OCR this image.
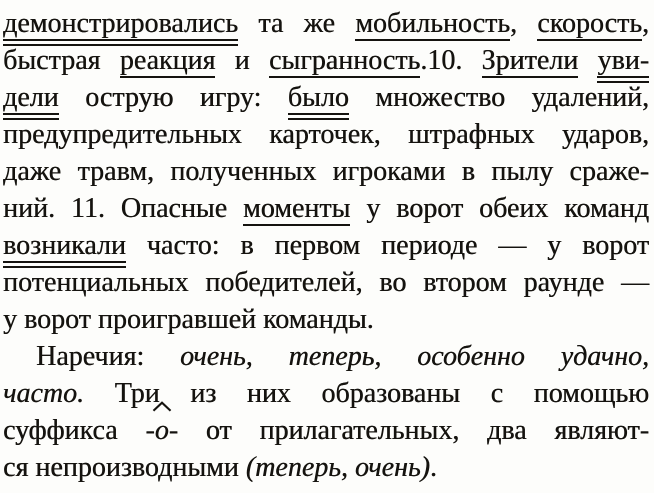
демонстрировались та же мобильность, скорость,
быстрая реакция и сыгранность.10. Зрители уви-
дели острую игру: было множество удалений,
предупредительных карточек, штрафных ударов,
даже травм, полученных игроками в пылу сраже-
ний. 11. Опасные моменты у ворот обеих команд
возникали часто: в первом периоде — у ворот
потенциальных победителей, во втором раунде —
у ворот проигравшей команды.
Наречия: очень, теперь, особенно удачно,
часто. Три из них образованы с помощью
суффикса -
о- от прилагательных, два являют-
ся непроизводными (теперь, очень).
